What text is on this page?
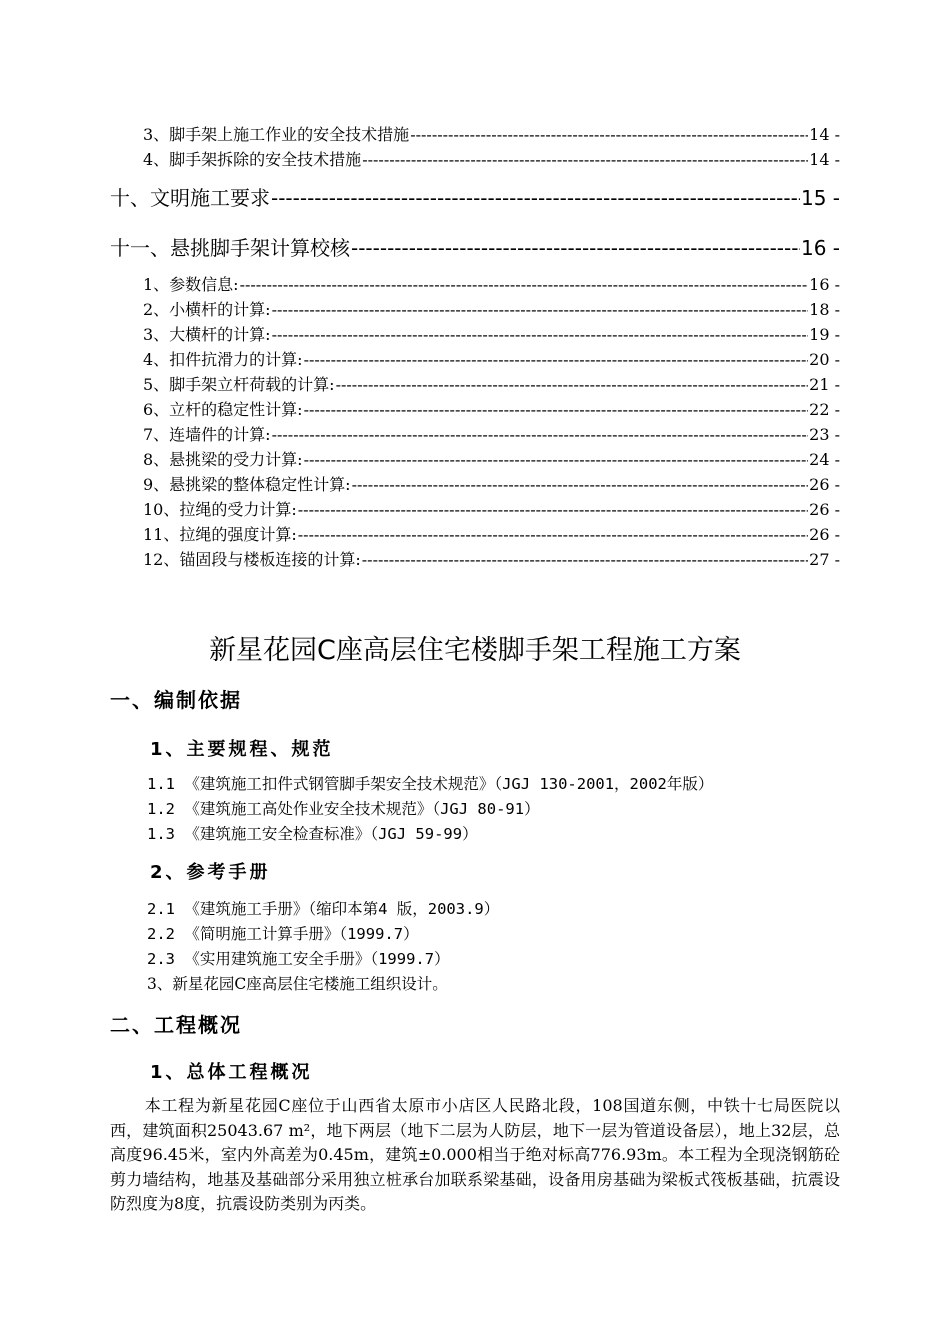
3、脚手架上施工作业的安全技术措施 -----	14 -
4、脚手架拆除的安全技术措施 -----	14 -
十、文明施工要求 -----	15 -
十一、悬挑脚手架计算校核 -----	16 -
1、参数信息: -----	16 -
2、小横杆的计算: -----	18 -
3、大横杆的计算: -----	19 -
4、扣件抗滑力的计算: -----	20 -
5、脚手架立杆荷载的计算: -----	21 -
6、立杆的稳定性计算: -----	22 -
7、连墙件的计算: -----	23 -
8、悬挑梁的受力计算: -----	24 -
9、悬挑梁的整体稳定性计算: -----	26 -
10、拉绳的受力计算: -----	26 -
11、拉绳的强度计算: -----	26 -
12、锚固段与楼板连接的计算: -----	27 -
新星花园C座高层住宅楼脚手架工程施工方案
一、编制依据
1、主要规程、规范
1.1 《建筑施工扣件式钢管脚手架安全技术规范》（JGJ 130-2001，2002年版）
1.2 《建筑施工高处作业安全技术规范》（JGJ 80-91）
1.3 《建筑施工安全检查标准》（JGJ 59-99）
2、参考手册
2.1 《建筑施工手册》（缩印本第4 版，2003.9）
2.2 《简明施工计算手册》（1999.7）
2.3 《实用建筑施工安全手册》（1999.7）
3、新星花园C座高层住宅楼施工组织设计。
二、工程概况
1、总体工程概况
本工程为新星花园C座位于山西省太原市小店区人民路北段，108国道东侧，中铁十七局医院以西，建筑面积25043.67 m²，地下两层（地下二层为人防层，地下一层为管道设备层），地上32层，总高度96.45米，室内外高差为0.45m，建筑±0.000相当于绝对标高776.93m。本工程为全现浇钢筋砼剪力墙结构，地基及基础部分采用独立桩承台加联系梁基础，设备用房基础为梁板式筏板基础，抗震设防烈度为8度，抗震设防类别为丙类。
